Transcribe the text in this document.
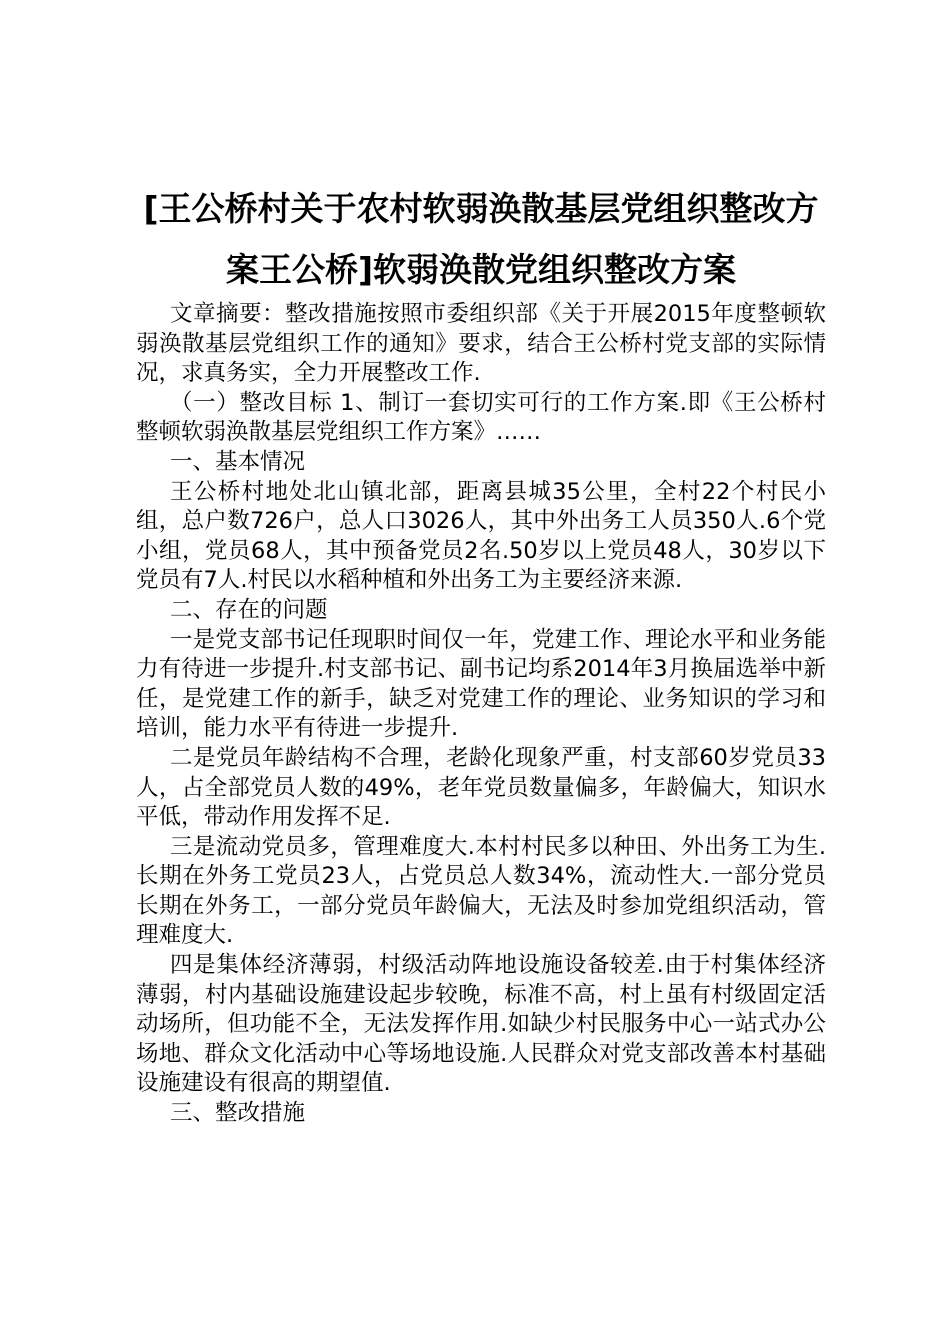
[王公桥村关于农村软弱涣散基层党组织整改方案王公桥]软弱涣散党组织整改方案

文章摘要：整改措施按照市委组织部《关于开展2015年度整顿软弱涣散基层党组织工作的通知》要求，结合王公桥村党支部的实际情况，求真务实，全力开展整改工作.

（一）整改目标 1、制订一套切实可行的工作方案.即《王公桥村整顿软弱涣散基层党组织工作方案》……

一、基本情况

王公桥村地处北山镇北部，距离县城35公里，全村22个村民小组，总户数726户，总人口3026人，其中外出务工人员350人.6个党小组，党员68人，其中预备党员2名.50岁以上党员48人，30岁以下党员有7人.村民以水稻种植和外出务工为主要经济来源.

二、存在的问题

一是党支部书记任现职时间仅一年，党建工作、理论水平和业务能力有待进一步提升.村支部书记、副书记均系2014年3月换届选举中新任，是党建工作的新手，缺乏对党建工作的理论、业务知识的学习和培训，能力水平有待进一步提升.

二是党员年龄结构不合理，老龄化现象严重，村支部60岁党员33人，占全部党员人数的49%，老年党员数量偏多，年龄偏大，知识水平低，带动作用发挥不足.

三是流动党员多，管理难度大.本村村民多以种田、外出务工为生.长期在外务工党员23人，占党员总人数34%，流动性大.一部分党员长期在外务工，一部分党员年龄偏大，无法及时参加党组织活动，管理难度大.

四是集体经济薄弱，村级活动阵地设施设备较差.由于村集体经济薄弱，村内基础设施建设起步较晚，标准不高，村上虽有村级固定活动场所，但功能不全，无法发挥作用.如缺少村民服务中心一站式办公场地、群众文化活动中心等场地设施.人民群众对党支部改善本村基础设施建设有很高的期望值.

三、整改措施
